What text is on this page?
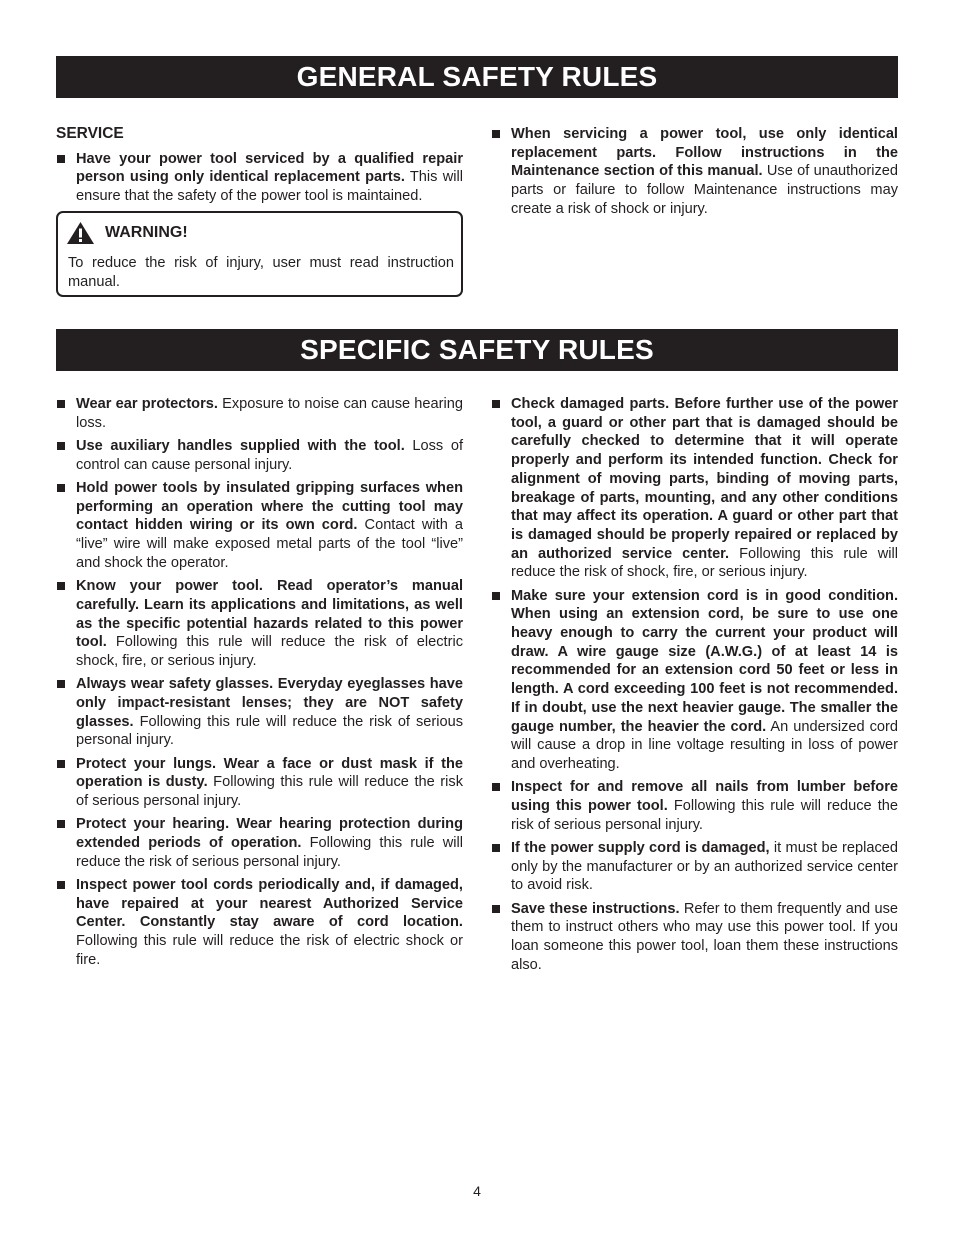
GENERAL SAFETY RULES
SERVICE
Have your power tool serviced by a qualified repair person using only identical replacement parts. This will ensure that the safety of the power tool is maintained.
WARNING!
To reduce the risk of injury, user must read instruction manual.
When servicing a power tool, use only identical replacement parts. Follow instructions in the Maintenance section of this manual. Use of unauthorized parts or failure to follow Maintenance instructions may create a risk of shock or injury.
SPECIFIC SAFETY RULES
Wear ear protectors. Exposure to noise can cause hearing loss.
Use auxiliary handles supplied with the tool. Loss of control can cause personal injury.
Hold power tools by insulated gripping surfaces when performing an operation where the cutting tool may contact hidden wiring or its own cord. Contact with a “live” wire will make exposed metal parts of the tool “live” and shock the operator.
Know your power tool. Read operator’s manual carefully. Learn its applications and limitations, as well as the specific potential hazards related to this power tool. Following this rule will reduce the risk of electric shock, fire, or serious injury.
Always wear safety glasses. Everyday eyeglasses have only impact-resistant lenses; they are NOT safety glasses. Following this rule will reduce the risk of serious personal injury.
Protect your lungs. Wear a face or dust mask if the operation is dusty. Following this rule will reduce the risk of serious personal injury.
Protect your hearing. Wear hearing protection during extended periods of operation. Following this rule will reduce the risk of serious personal injury.
Inspect power tool cords periodically and, if damaged, have repaired at your nearest Authorized Service Center. Constantly stay aware of cord location. Following this rule will reduce the risk of electric shock or fire.
Check damaged parts. Before further use of the power tool, a guard or other part that is damaged should be carefully checked to determine that it will operate properly and perform its intended function. Check for alignment of moving parts, binding of moving parts, breakage of parts, mounting, and any other conditions that may affect its operation. A guard or other part that is damaged should be properly repaired or replaced by an authorized service center. Following this rule will reduce the risk of shock, fire, or serious injury.
Make sure your extension cord is in good condition. When using an extension cord, be sure to use one heavy enough to carry the current your product will draw. A wire gauge size (A.W.G.) of at least 14 is recommended for an extension cord 50 feet or less in length. A cord exceeding 100 feet is not recommended. If in doubt, use the next heavier gauge. The smaller the gauge number, the heavier the cord. An undersized cord will cause a drop in line voltage resulting in loss of power and overheating.
Inspect for and remove all nails from lumber before using this power tool. Following this rule will reduce the risk of serious personal injury.
If the power supply cord is damaged, it must be replaced only by the manufacturer or by an authorized service center to avoid risk.
Save these instructions. Refer to them frequently and use them to instruct others who may use this power tool. If you loan someone this power tool, loan them these instructions also.
4
